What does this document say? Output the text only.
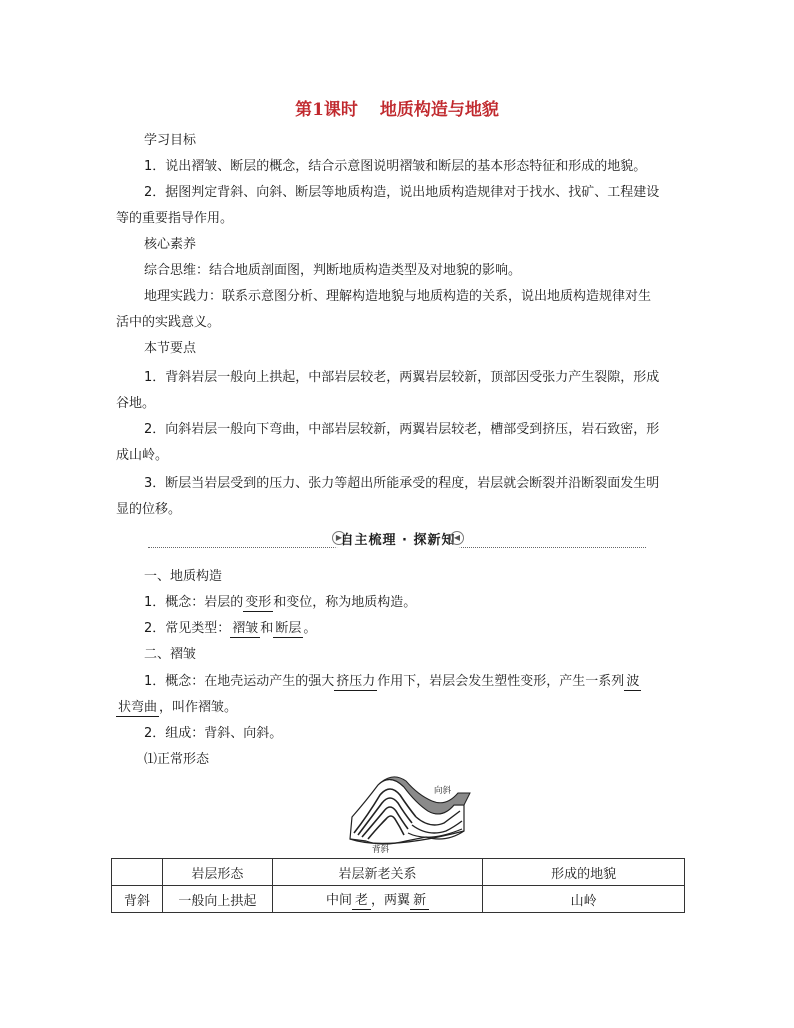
第1课时 地质构造与地貌
学习目标
1．说出褶皱、断层的概念，结合示意图说明褶皱和断层的基本形态特征和形成的地貌。
2．据图判定背斜、向斜、断层等地质构造，说出地质构造规律对于找水、找矿、工程建设
等的重要指导作用。
核心素养
综合思维：结合地质剖面图，判断地质构造类型及对地貌的影响。
地理实践力：联系示意图分析、理解构造地貌与地质构造的关系，说出地质构造规律对生
活中的实践意义。
本节要点
1．背斜岩层一般向上拱起，中部岩层较老，两翼岩层较新，顶部因受张力产生裂隙，形成
谷地。
2．向斜岩层一般向下弯曲，中部岩层较新，两翼岩层较老，槽部受到挤压，岩石致密，形
成山岭。
3．断层当岩层受到的压力、张力等超出所能承受的程度，岩层就会断裂并沿断裂面发生明
显的位移。
▶
自主梳理 · 探新知
◀
一、地质构造
1．概念：岩层的 变形 和变位，称为地质构造。
2．常见类型： 褶皱 和 断层 。
二、褶皱
1．概念：在地壳运动产生的强大 挤压力 作用下，岩层会发生塑性变形，产生一系列 波
状弯曲 ，叫作褶皱。
2．组成：背斜、向斜。
⑴正常形态
向斜
背斜
	岩层形态	岩层新老关系	形成的地貌
背斜	一般向上拱起	中间 老 ，两翼 新	山岭
